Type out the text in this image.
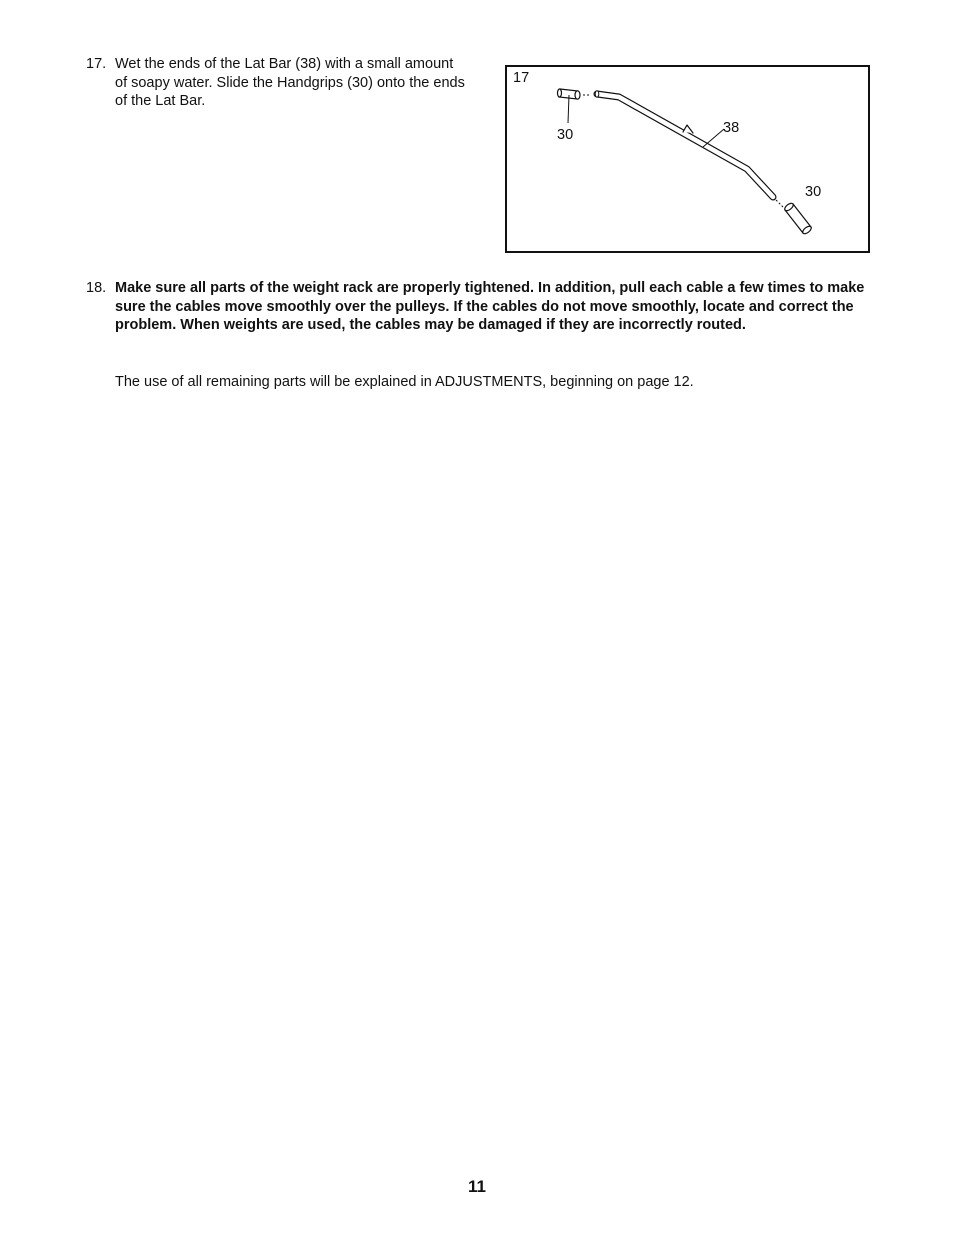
17. Wet the ends of the Lat Bar (38) with a small amount of soapy water. Slide the Handgrips (30) onto the ends of the Lat Bar.
17
30	38
30
18. Make sure all parts of the weight rack are properly tightened. In addition, pull each cable a few times to make sure the cables move smoothly over the pulleys. If the cables do not move smoothly, locate and correct the problem. When weights are used, the cables may be damaged if they are incorrectly routed.
The use of all remaining parts will be explained in ADJUSTMENTS, beginning on page 12.
11
